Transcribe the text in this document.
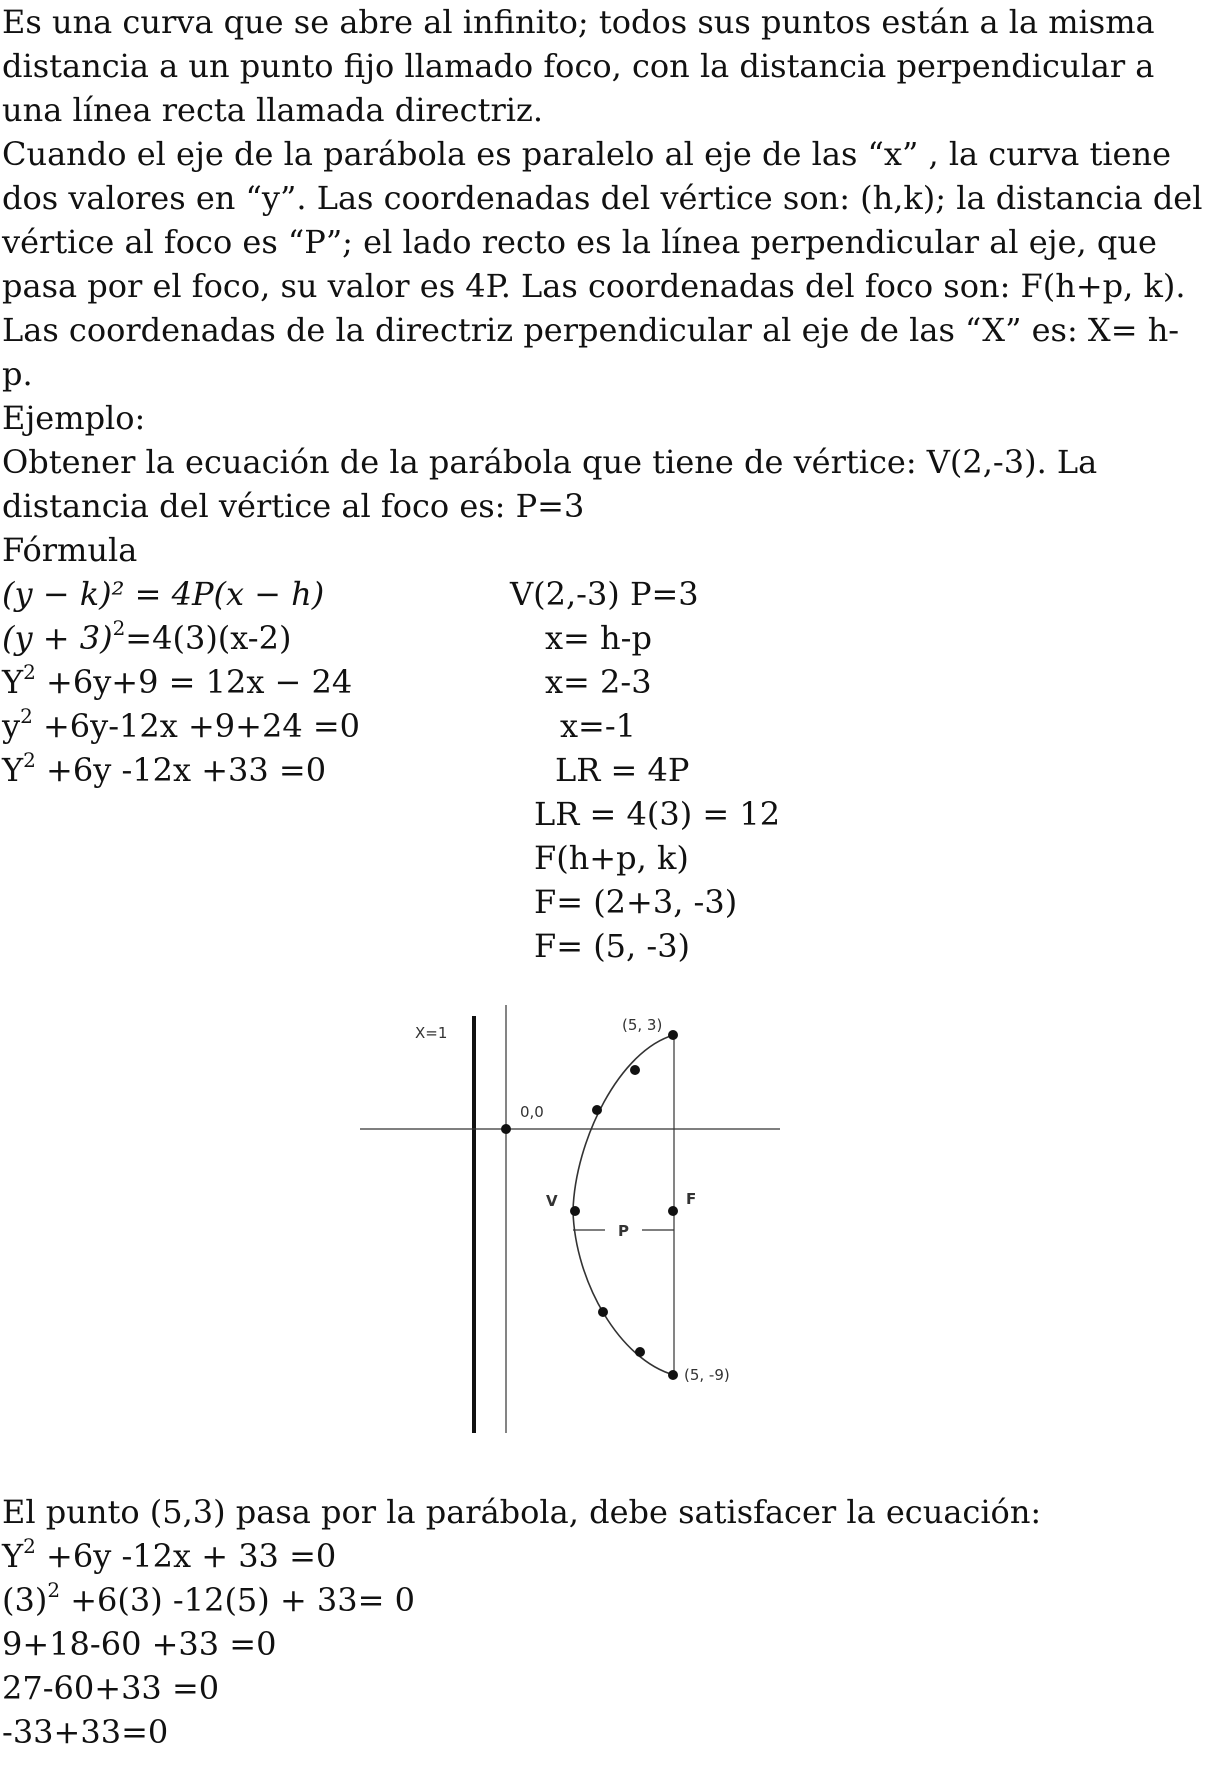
Es una curva que se abre al infinito; todos sus puntos están a la misma distancia a un punto fijo llamado foco, con la distancia perpendicular a una línea recta llamada directriz.

Cuando el eje de la parábola es paralelo al eje de las “x” , la curva tiene dos valores en “y”. Las coordenadas del vértice son: (h,k); la distancia del vértice al foco es “P”; el lado recto es la línea perpendicular al eje, que pasa por el foco, su valor es 4P. Las coordenadas del foco son: F(h+p, k). Las coordenadas de la directriz perpendicular al eje de las “X” es: X= h-p.

Ejemplo:

Obtener la ecuación de la parábola que tiene de vértice: V(2,-3). La distancia del vértice al foco es: P=3

Fórmula

(𝑦 − 𝑘)² = 4𝑃(𝑥 − ℎ)

(𝑦 + 3)$^2$=4(3)(x-2)

$Y^2 +6y+9 = 12x - 24$

$y^2 +6y-12x +9+24 =0$

$Y^2 +6y$ -12x +33 =0

V(2,-3) P=3

x= h-p

x= 2-3

x=-1

LR = 4P

LR = 4(3) = 12

F(h+p, k)

F= (2+3, -3)

F= (5, -3)

X=1
0,0
(5, 3)
(5, -9)
V	F
P

El punto (5,3) pasa por la parábola, debe satisfacer la ecuación:

$Y^2 +6y$ -12x + 33 =0

$(3)^2 +6(3) -12(5) + 33= 0$

9+18-60 +33 =0

27-60+33 =0

-33+33=0
